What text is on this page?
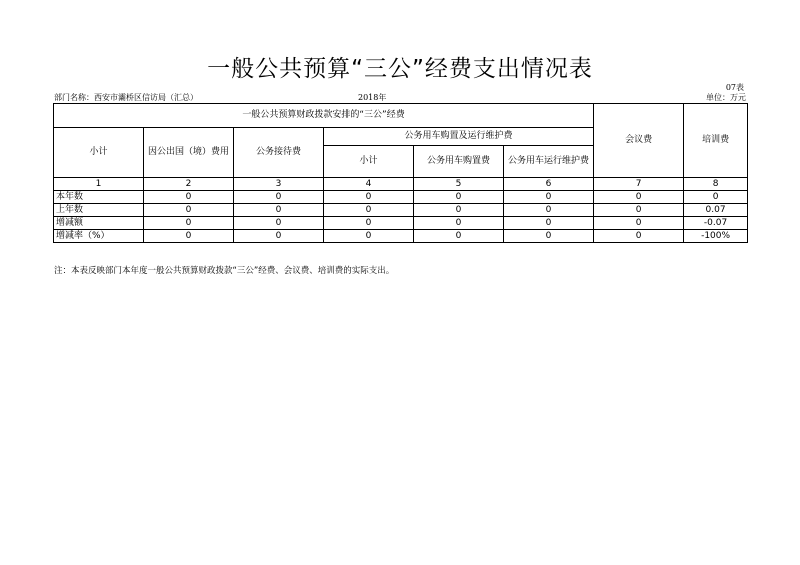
一般公共预算“三公”经费支出情况表
07表
部门名称：西安市灞桥区信访局（汇总）	2018年	单位：万元
一般公共预算财政拨款安排的“三公”经费						会议费	培训费
小计	因公出国（境）费用	公务接待费	公务用车购置及运行维护费				
			小计	公务用车购置费	公务用车运行维护费		
1	2	3	4	5	6	7	8
本年数	0	0	0	0	0	0	0
上年数	0	0	0	0	0	0	0.07
增减额	0	0	0	0	0	0	-0.07
增减率（%）	0	0	0	0	0	0	-100%
注：本表反映部门本年度一般公共预算财政拨款“三公”经费、会议费、培训费的实际支出。
